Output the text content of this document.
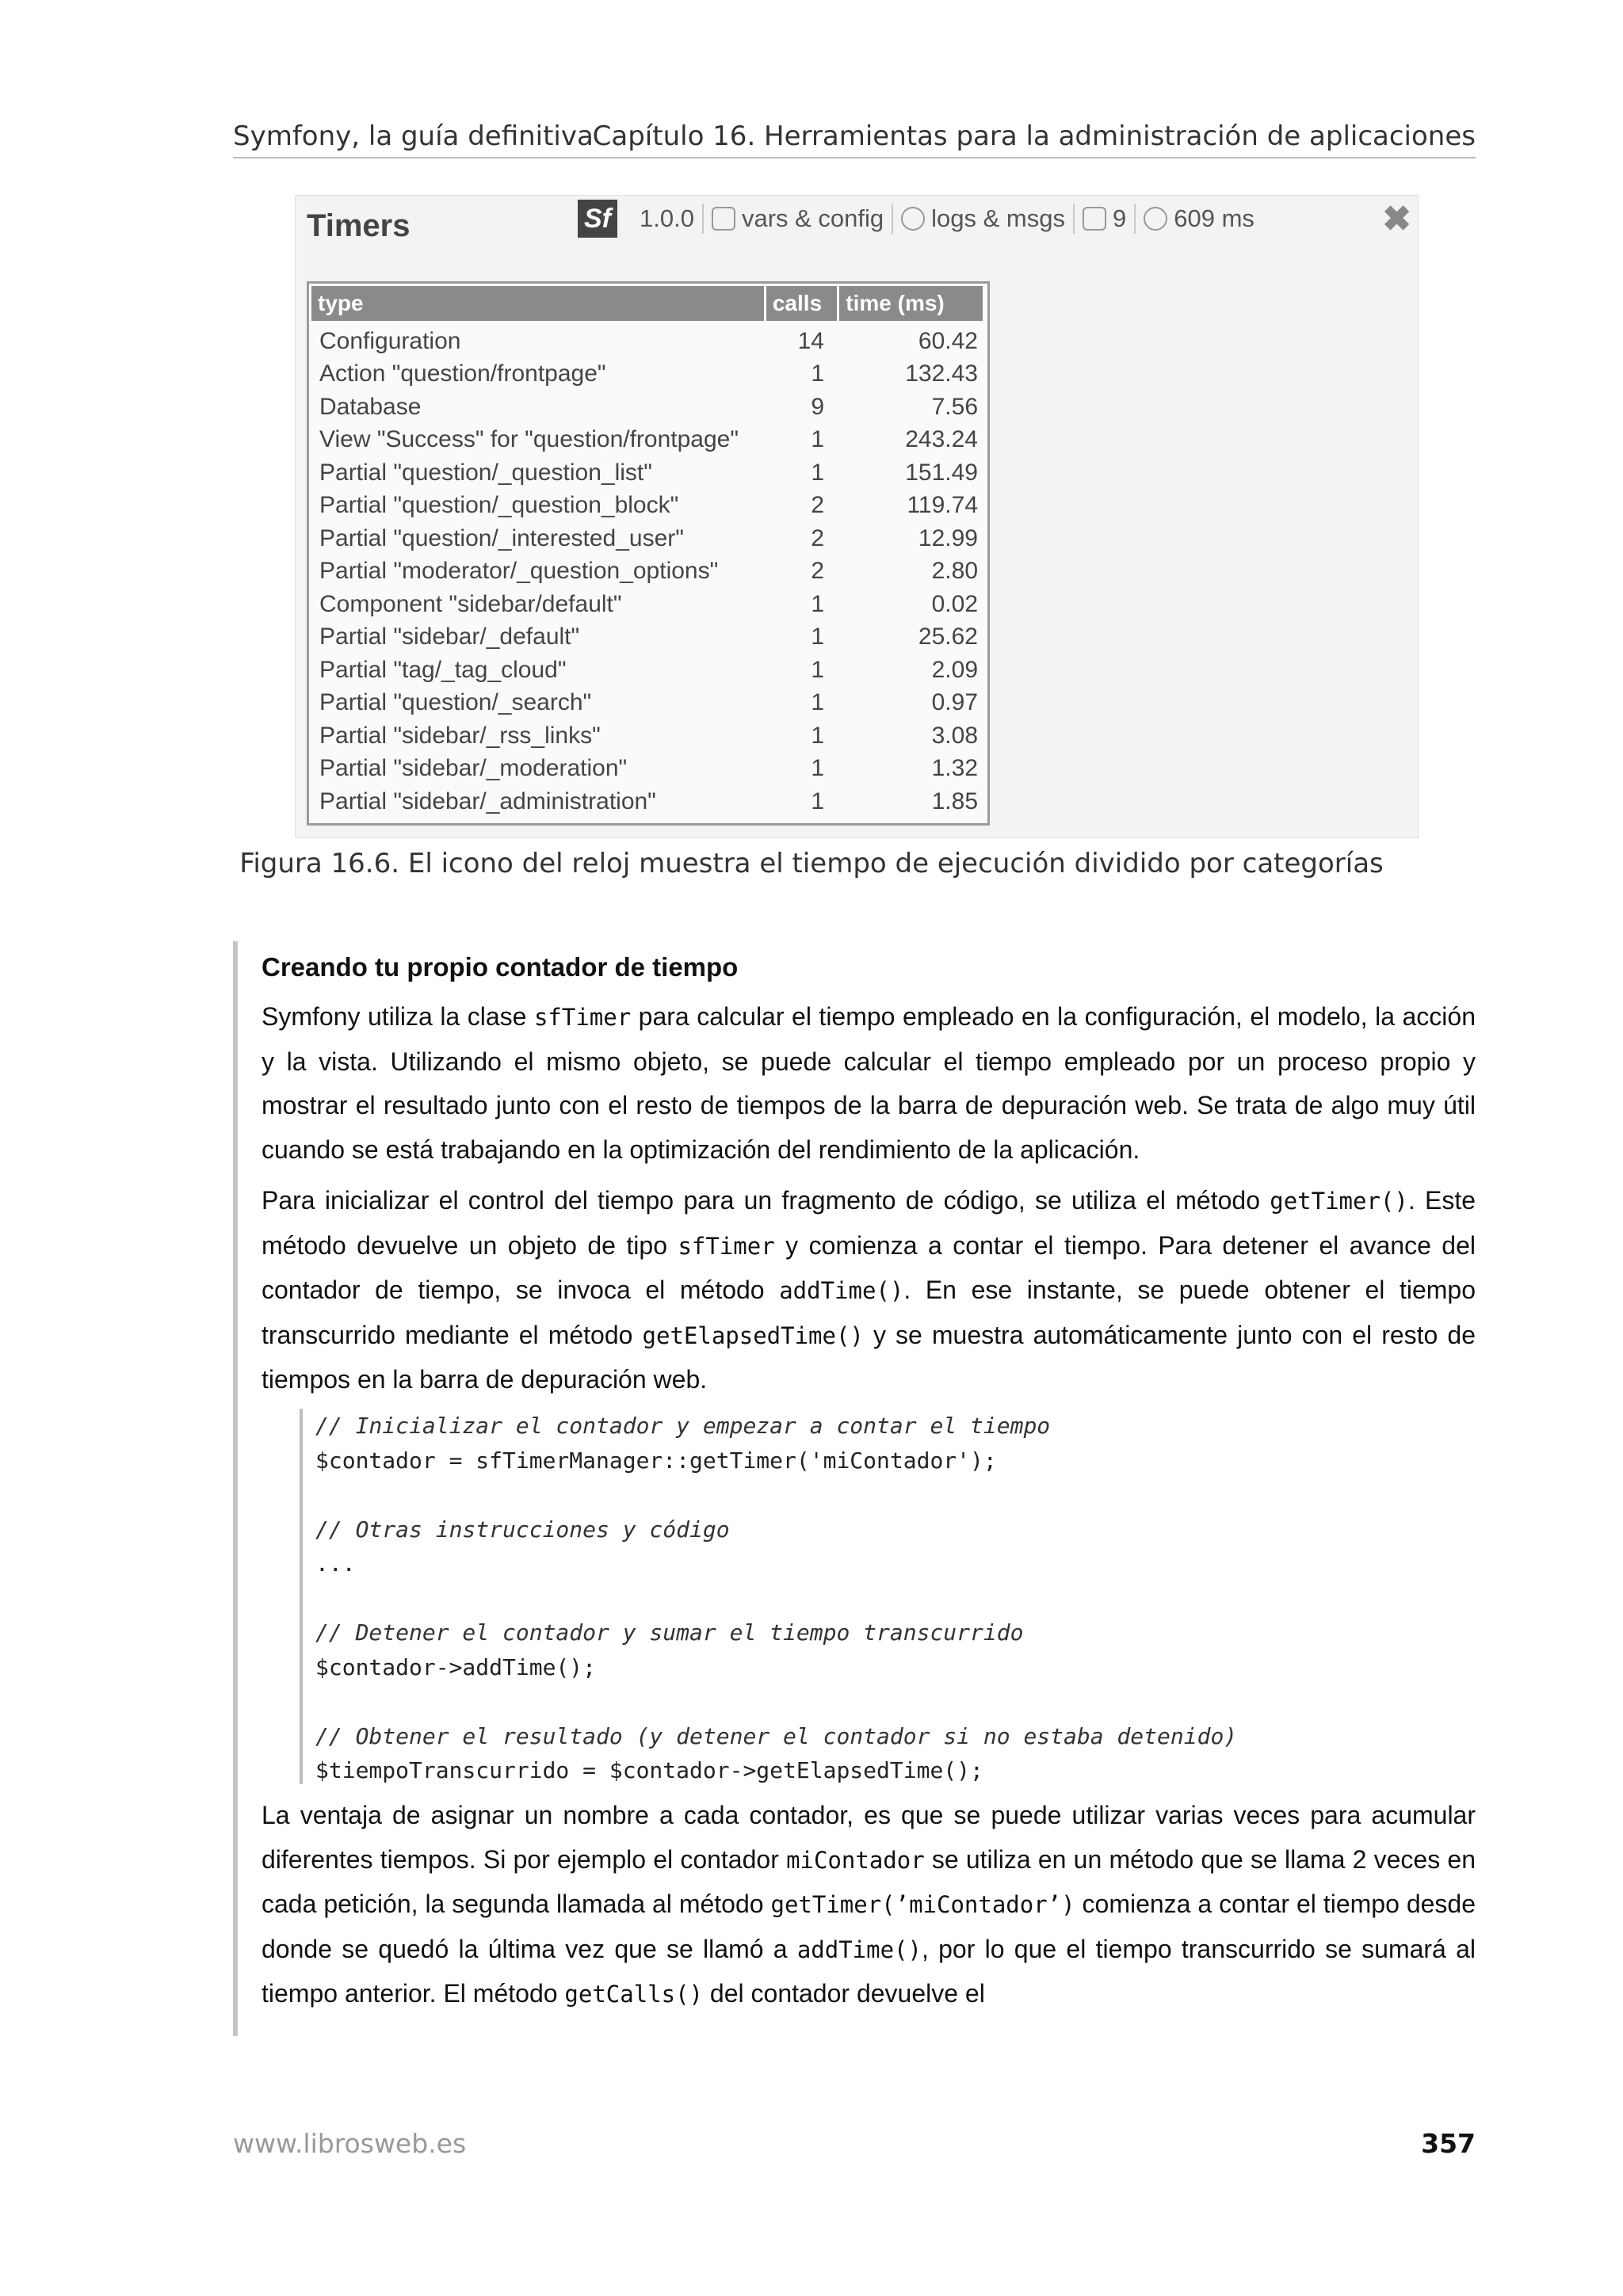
Symfony, la guía definitiva
Capítulo 16. Herramientas para la administración de aplicaciones
Timers	Sf 1.0.0 vars & config logs & msgs 9 609 ms	✖
type	calls	time (ms)
Configuration	14	60.42
Action "question/frontpage"	1	132.43
Database	9	7.56
View "Success" for "question/frontpage"	1	243.24
Partial "question/_question_list"	1	151.49
Partial "question/_question_block"	2	119.74
Partial "question/_interested_user"	2	12.99
Partial "moderator/_question_options"	2	2.80
Component "sidebar/default"	1	0.02
Partial "sidebar/_default"	1	25.62
Partial "tag/_tag_cloud"	1	2.09
Partial "question/_search"	1	0.97
Partial "sidebar/_rss_links"	1	3.08
Partial "sidebar/_moderation"	1	1.32
Partial "sidebar/_administration"	1	1.85
Figura 16.6. El icono del reloj muestra el tiempo de ejecución dividido por categorías
Creando tu propio contador de tiempo
Symfony utiliza la clase sfTimer para calcular el tiempo empleado en la configuración, el modelo, la acción y la vista. Utilizando el mismo objeto, se puede calcular el tiempo empleado por un proceso propio y mostrar el resultado junto con el resto de tiempos de la barra de depuración web. Se trata de algo muy útil cuando se está trabajando en la optimización del rendimiento de la aplicación.
Para inicializar el control del tiempo para un fragmento de código, se utiliza el método getTimer(). Este método devuelve un objeto de tipo sfTimer y comienza a contar el tiempo. Para detener el avance del contador de tiempo, se invoca el método addTime(). En ese instante, se puede obtener el tiempo transcurrido mediante el método getElapsedTime() y se muestra automáticamente junto con el resto de tiempos en la barra de depuración web.
// Inicializar el contador y empezar a contar el tiempo
$contador = sfTimerManager::getTimer('miContador');
// Otras instrucciones y código
...
// Detener el contador y sumar el tiempo transcurrido
$contador->addTime();
// Obtener el resultado (y detener el contador si no estaba detenido)
$tiempoTranscurrido = $contador->getElapsedTime();
La ventaja de asignar un nombre a cada contador, es que se puede utilizar varias veces para acumular diferentes tiempos. Si por ejemplo el contador miContador se utiliza en un método que se llama 2 veces en cada petición, la segunda llamada al método getTimer(’miContador’) comienza a contar el tiempo desde donde se quedó la última vez que se llamó a addTime(), por lo que el tiempo transcurrido se sumará al tiempo anterior. El método getCalls() del contador devuelve el
www.librosweb.es	357
